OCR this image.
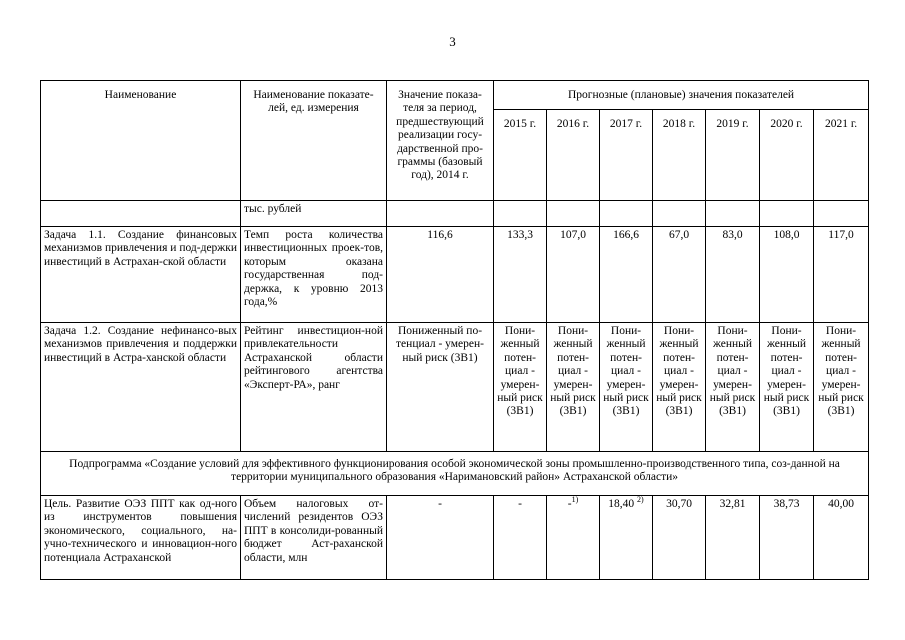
3
Наименование	Наименование показате-лей, ед. измерения	Значение показа-теля за период, предшествующий реализации госу-дарственной про-граммы (базовый год), 2014 г.	Прогнозные (плановые) значения показателей						
			2015 г.	2016 г.	2017 г.	2018 г.	2019 г.	2020 г.	2021 г.
	тыс. рублей								
Задача 1.1. Создание финансовых механизмов привлечения и под-держки инвестиций в Астрахан-ской области	Темп роста количества инвестиционных проек-тов, которым оказана государственная под-держка, к уровню 2013 года,%	116,6	133,3	107,0	166,6	67,0	83,0	108,0	117,0
Задача 1.2. Создание нефинансо-вых механизмов привлечения и поддержки инвестиций в Астра-ханской области	Рейтинг инвестицион-ной привлекательности Астраханской области рейтингового агентства «Эксперт-РА», ранг	Пониженный по-тенциал - умерен-ный риск (3В1)	Пони-женный потен-циал - умерен-ный риск (3В1)	Пони-женный потен-циал - умерен-ный риск (3В1)	Пони-женный потен-циал - умерен-ный риск (3В1)	Пони-женный потен-циал - умерен-ный риск (3В1)	Пони-женный потен-циал - умерен-ный риск (3В1)	Пони-женный потен-циал - умерен-ный риск (3В1)	Пони-женный потен-циал - умерен-ный риск (3В1)
Подпрограмма «Создание условий для эффективного функционирования особой экономической зоны промышленно-производственного типа, соз-данной на территории муниципального образования «Наримановский район» Астраханской области»									
Цель. Развитие ОЭЗ ППТ как од-ного из инструментов повышения экономического, социального, на-учно-технического и инновацион-ного потенциала Астраханской	Объем налоговых от-числений резидентов ОЭЗ ППТ в консолиди-рованный бюджет Аст-раханской области, млн	-	-	-$^{1)}$	18,40 $^{2)}$	30,70	32,81	38,73	40,00
